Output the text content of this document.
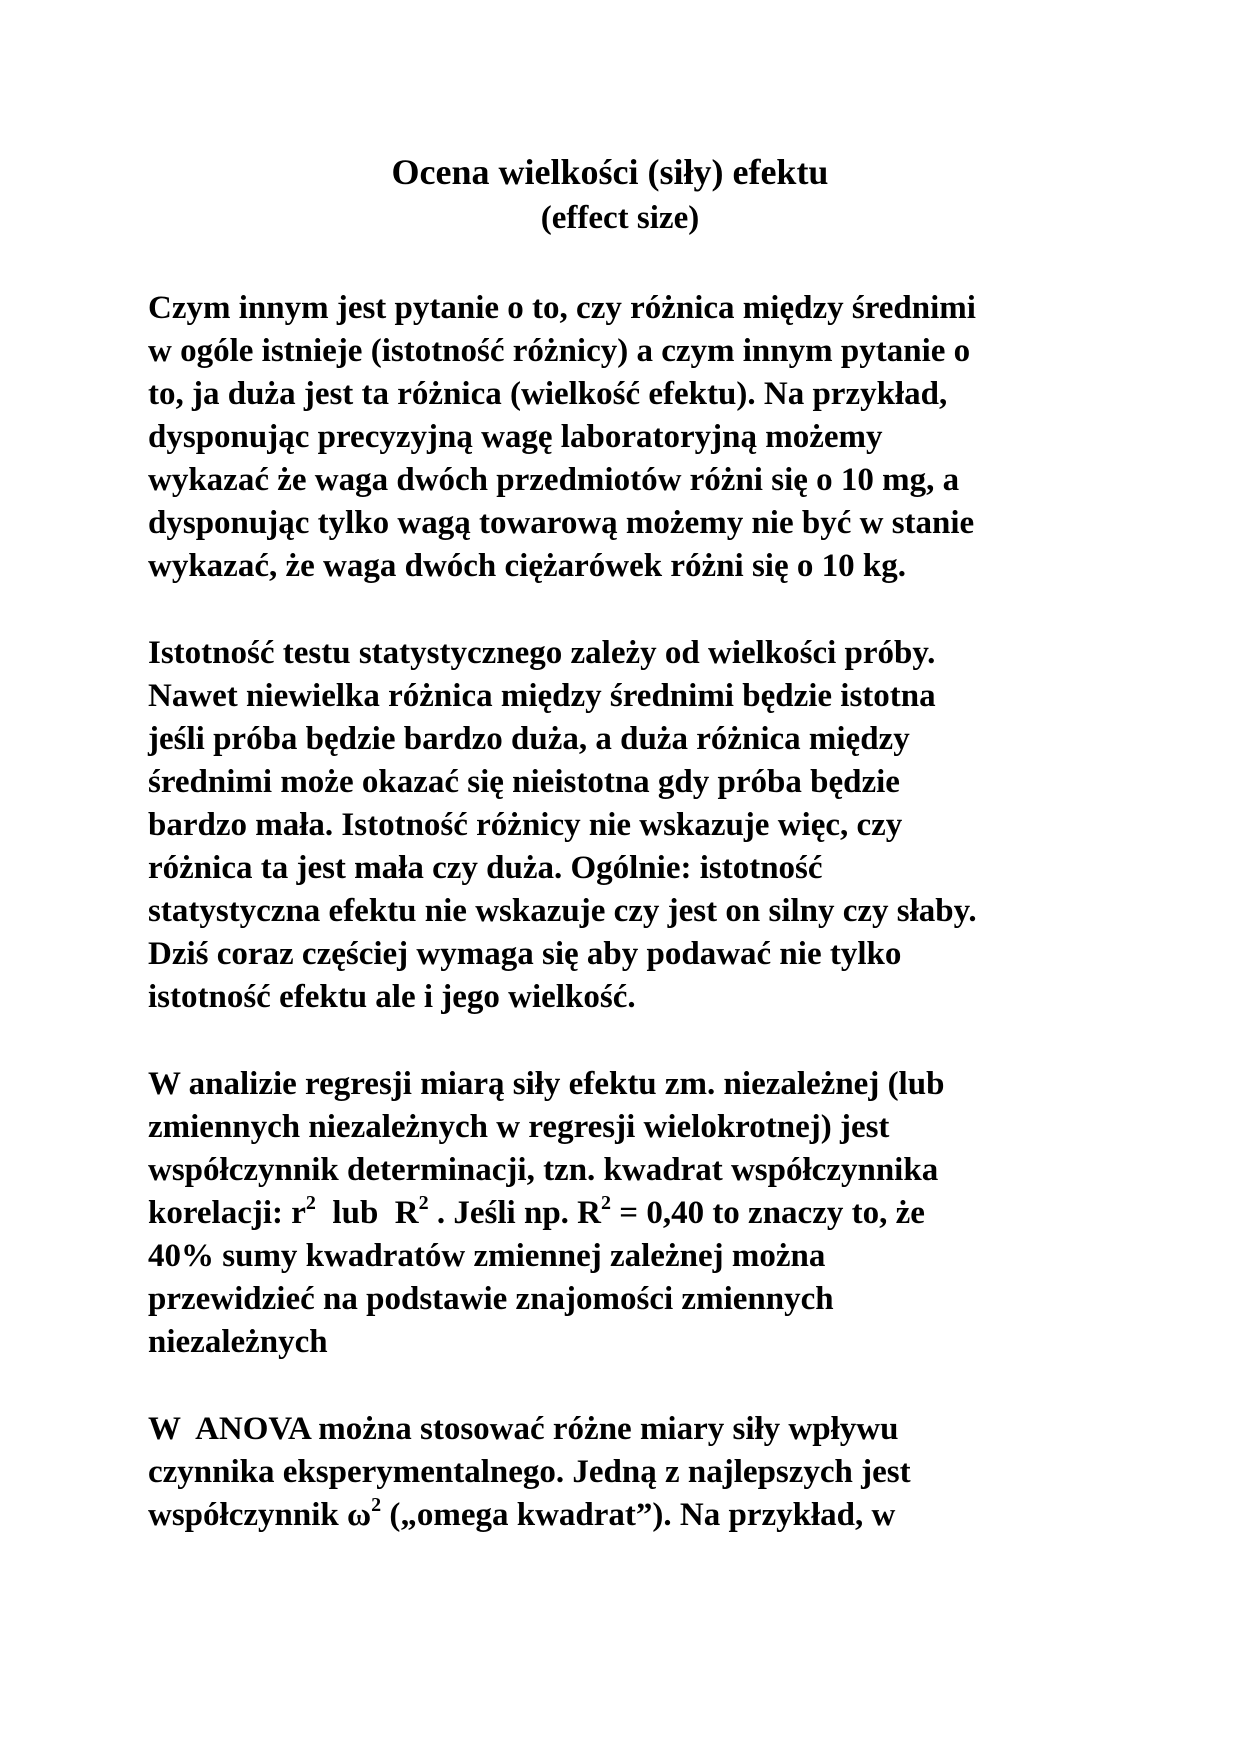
Ocena wielkości (siły) efektu
(effect size)
Czym innym jest pytanie o to, czy różnica między średnimi
w ogóle istnieje (istotność różnicy) a czym innym pytanie o
to, ja duża jest ta różnica (wielkość efektu). Na przykład,
dysponując precyzyjną wagę laboratoryjną możemy
wykazać że waga dwóch przedmiotów różni się o 10 mg, a
dysponując tylko wagą towarową możemy nie być w stanie
wykazać, że waga dwóch ciężarówek różni się o 10 kg.
Istotność testu statystycznego zależy od wielkości próby.
Nawet niewielka różnica między średnimi będzie istotna
jeśli próba będzie bardzo duża, a duża różnica między
średnimi może okazać się nieistotna gdy próba będzie
bardzo mała. Istotność różnicy nie wskazuje więc, czy
różnica ta jest mała czy duża. Ogólnie: istotność
statystyczna efektu nie wskazuje czy jest on silny czy słaby.
Dziś coraz częściej wymaga się aby podawać nie tylko
istotność efektu ale i jego wielkość.
W analizie regresji miarą siły efektu zm. niezależnej (lub
zmiennych niezależnych w regresji wielokrotnej) jest
współczynnik determinacji, tzn. kwadrat współczynnika
korelacji: $r^2$  lub  $R^2$ . Jeśli np. $R^2 = 0,40$ to znaczy to, że
40% sumy kwadratów zmiennej zależnej można
przewidzieć na podstawie znajomości zmiennych
niezależnych
W  ANOVA można stosować różne miary siły wpływu
czynnika eksperymentalnego. Jedną z najlepszych jest
współczynnik $\omega^2$ („omega kwadrat”). Na przykład, w
